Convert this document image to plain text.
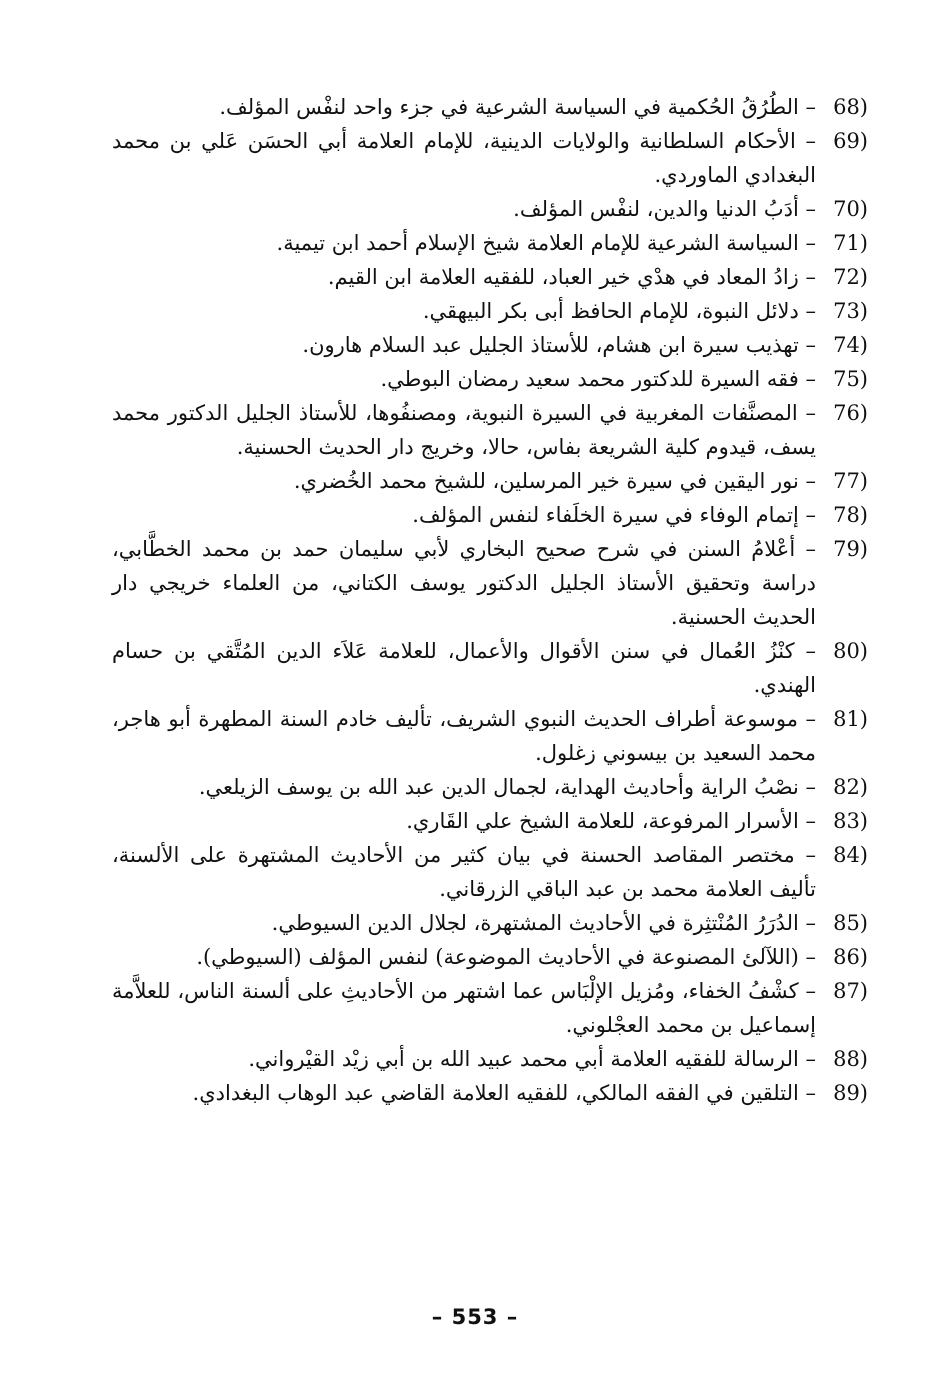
68)
– الطُرُقُ الحُكمية في السياسة الشرعية في جزء واحد لنفْس المؤلف.
69)
– الأحكام السلطانية والولايات الدينية، للإمام العلامة أبي الحسَن عَلي بن محمد البغدادي الماوردي.
70)
– أدَبُ الدنيا والدين، لنفْس المؤلف.
71)
– السياسة الشرعية للإمام العلامة شيخ الإسلام أحمد ابن تيمية.
72)
– زادُ المعاد في هدْي خير العباد، للفقيه العلامة ابن القيم.
73)
– دلائل النبوة، للإمام الحافظ أبى بكر البيهقي.
74)
– تهذيب سيرة ابن هشام، للأستاذ الجليل عبد السلام هارون.
75)
– فقه السيرة للدكتور محمد سعيد رمضان البوطي.
76)
– المصنَّفات المغربية في السيرة النبوية، ومصنفُوها، للأستاذ الجليل الدكتور محمد يسف، قيدوم كلية الشريعة بفاس، حالا، وخريج دار الحديث الحسنية.
77)
– نور اليقين في سيرة خير المرسلين، للشيخ محمد الخُضري.
78)
– إتمام الوفاء في سيرة الخلَفاء لنفس المؤلف.
79)
– أعْلامُ السنن في شرح صحيح البخاري لأبي سليمان حمد بن محمد الخطَّابي، دراسة وتحقيق الأستاذ الجليل الدكتور يوسف الكتاني، من العلماء خريجي دار الحديث الحسنية.
80)
– كنْزُ العُمال في سنن الأقوال والأعمال، للعلامة عَلاَء الدين المُتَّقي بن حسام الهندي.
81)
– موسوعة أطراف الحديث النبوي الشريف، تأليف خادم السنة المطهرة أبو هاجر، محمد السعيد بن بيسوني زغلول.
82)
– نصْبُ الراية وأحاديث الهداية، لجمال الدين عبد الله بن يوسف الزيلعي.
83)
– الأسرار المرفوعة، للعلامة الشيخ علي القَاري.
84)
– مختصر المقاصد الحسنة في بيان كثير من الأحاديث المشتهرة على الألسنة، تأليف العلامة محمد بن عبد الباقي الزرقاني.
85)
– الدُرَرُ المُنْتثِرة في الأحاديث المشتهرة، لجلال الدين السيوطي.
86)
– (اللآلئ المصنوعة في الأحاديث الموضوعة) لنفس المؤلف (السيوطي).
87)
– كشْفُ الخفاء، ومُزيل الإلْبَاس عما اشتهر من الأحاديثِ على ألسنة الناس، للعلاَّمة إسماعيل بن محمد العجْلوني.
88)
– الرسالة للفقيه العلامة أبي محمد عبيد الله بن أبي زيْد القيْرواني.
89)
– التلقين في الفقه المالكي، للفقيه العلامة القاضي عبد الوهاب البغدادي.
– 553 –
